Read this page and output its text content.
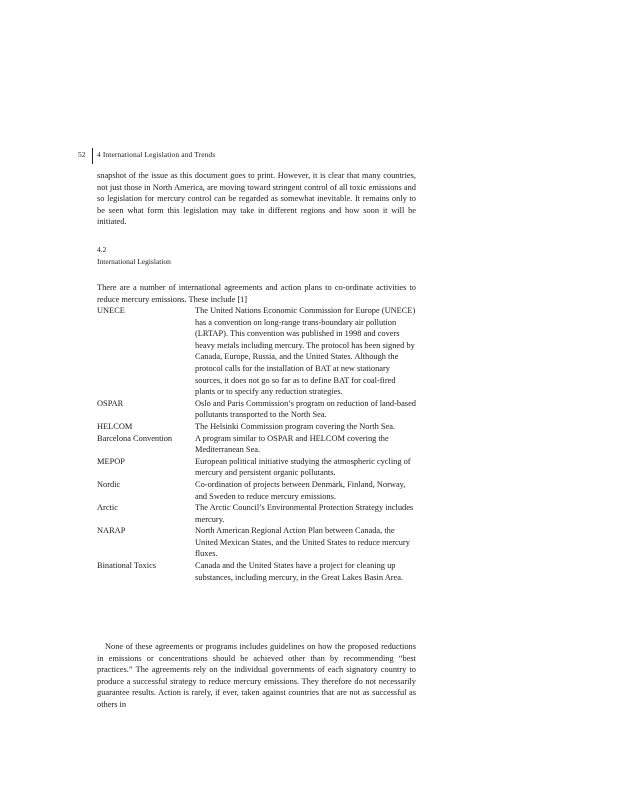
52 4 International Legislation and Trends

snapshot of the issue as this document goes to print. However, it is clear that many countries, not just those in North America, are moving toward stringent control of all toxic emissions and so legislation for mercury control can be regarded as somewhat inevitable. It remains only to be seen what form this legislation may take in different regions and how soon it will be initiated.

4.2
International Legislation
There are a number of international agreements and action plans to co-ordinate activities to reduce mercury emissions. These include [1]
UNECE	The United Nations Economic Commission for Europe (UNECE) has a convention on long-range trans-boundary air pollution (LRTAP). This convention was published in 1998 and covers heavy metals including mercury. The protocol has been signed by Canada, Europe, Russia, and the United States. Although the protocol calls for the installation of BAT at new stationary sources, it does not go so far as to define BAT for coal-fired plants or to specify any reduction strategies.
OSPAR	Oslo and Paris Commission’s program on reduction of land-based pollutants transported to the North Sea.
HELCOM	The Helsinki Commission program covering the North Sea.
Barcelona Convention	A program similar to OSPAR and HELCOM covering the Mediterranean Sea.
MEPOP	European political initiative studying the atmospheric cycling of mercury and persistent organic pollutants.
Nordic	Co-ordination of projects between Denmark, Finland, Norway, and Sweden to reduce mercury emissions.
Arctic	The Arctic Council’s Environmental Protection Strategy includes mercury.
NARAP	North American Regional Action Plan between Canada, the United Mexican States, and the United States to reduce mercury fluxes.
Binational Toxics	Canada and the United States have a project for cleaning up substances, including mercury, in the Great Lakes Basin Area.
None of these agreements or programs includes guidelines on how the proposed reductions in emissions or concentrations should be achieved other than by recommending “best practices.” The agreements rely on the individual governments of each signatory country to produce a successful strategy to reduce mercury emissions. They therefore do not necessarily guarantee results. Action is rarely, if ever, taken against countries that are not as successful as others in
